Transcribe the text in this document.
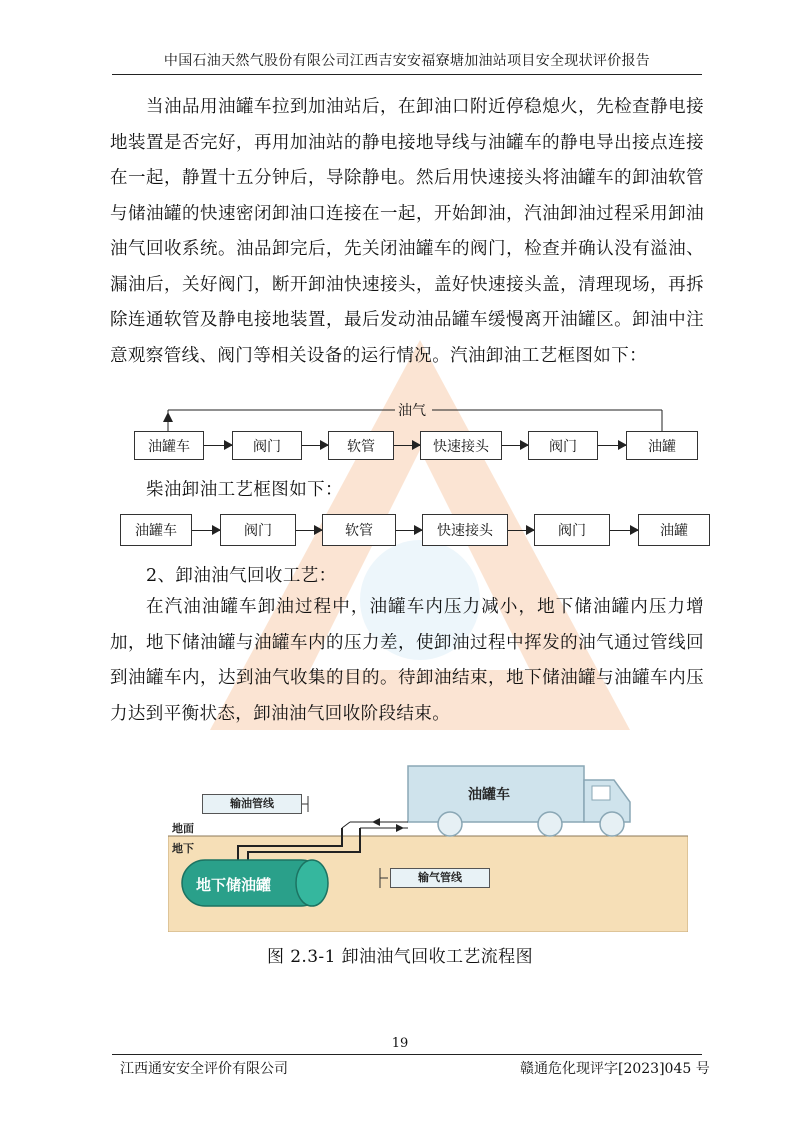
中国石油天然气股份有限公司江西吉安安福寮塘加油站项目安全现状评价报告

当油品用油罐车拉到加油站后，在卸油口附近停稳熄火，先检查静电接地装置是否完好，再用加油站的静电接地导线与油罐车的静电导出接点连接在一起，静置十五分钟后，导除静电。然后用快速接头将油罐车的卸油软管与储油罐的快速密闭卸油口连接在一起，开始卸油，汽油卸油过程采用卸油油气回收系统。油品卸完后，先关闭油罐车的阀门，检查并确认没有溢油、漏油后，关好阀门，断开卸油快速接头，盖好快速接头盖，清理现场，再拆除连通软管及静电接地装置，最后发动油品罐车缓慢离开油罐区。卸油中注意观察管线、阀门等相关设备的运行情况。汽油卸油工艺框图如下：

油气
油罐车	阀门	软管	快速接头	阀门	油罐
柴油卸油工艺框图如下：
油罐车	阀门	软管	快速接头	阀门	油罐
2、卸油油气回收工艺：

在汽油油罐车卸油过程中，油罐车内压力减小，地下储油罐内压力增加，地下储油罐与油罐车内的压力差，使卸油过程中挥发的油气通过管线回到油罐车内，达到油气收集的目的。待卸油结束，地下储油罐与油罐车内压力达到平衡状态，卸油油气回收阶段结束。

油罐车
输油管线
输气管线
地面
地下
地下储油罐
图 2.3-1 卸油油气回收工艺流程图
19
江西通安安全评价有限公司	赣通危化现评字[2023]045 号
